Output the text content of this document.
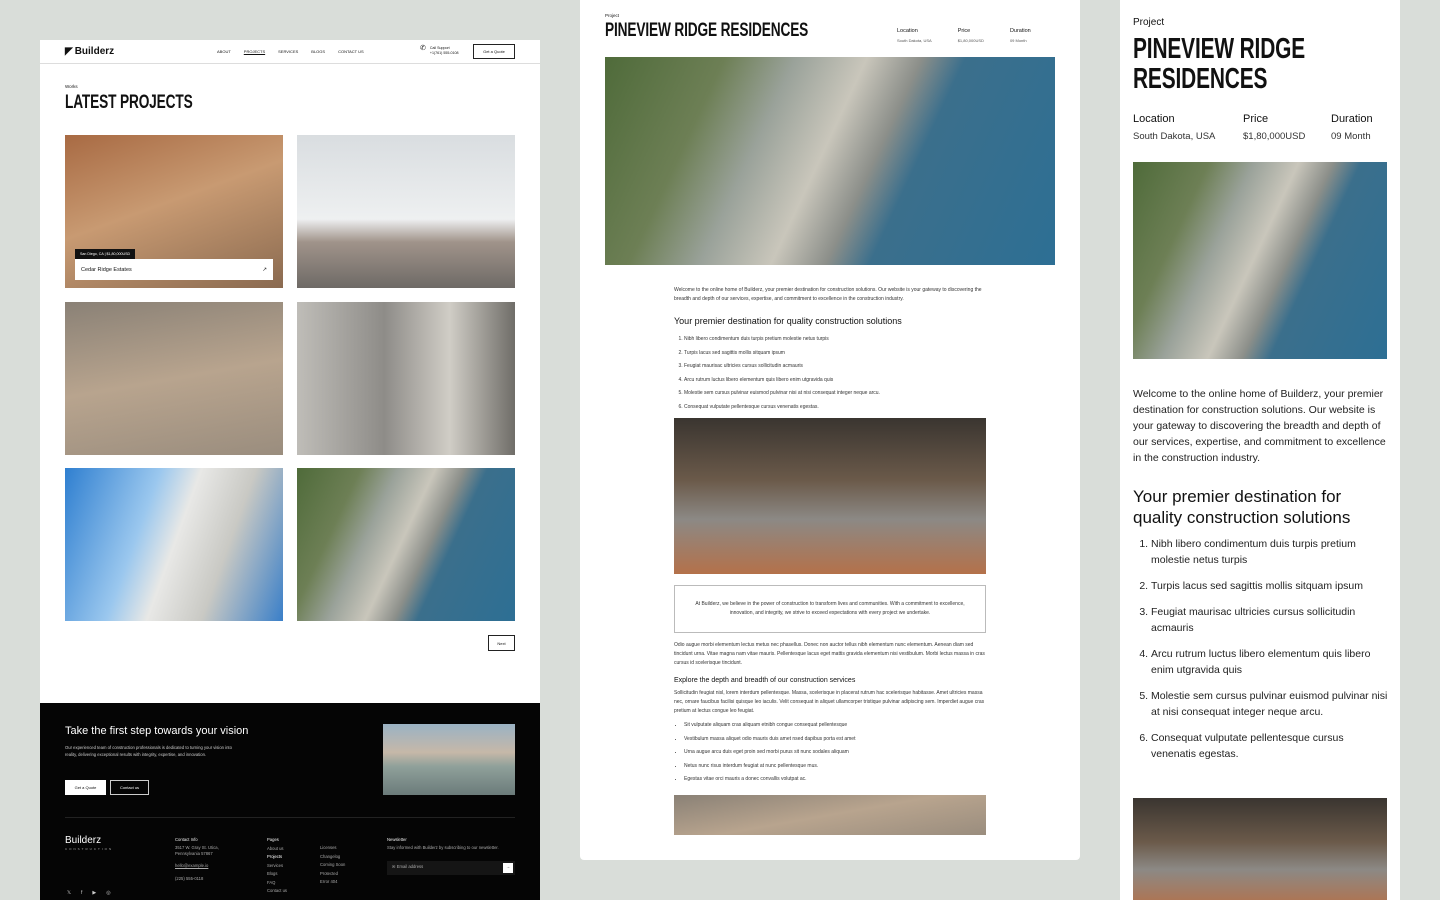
◤ Builderz	ABOUT	PROJECTS	SERVICES	BLOGS	CONTACT US	✆ Call Support
+1(761) 555-0108	Get a Quote
Works
LATEST PROJECTS
San Diego, CA | $1,80,000USD
Cedar Ridge Estates	↗
Next
Take the first step towards your vision
Our experienced team of construction professionals is dedicated to turning your vision into reality, delivering exceptional results with integrity, expertise, and innovation.
Get a Quote	Contact us
Builderz
CONSTRUCTION
𝕏 f ▶ ◎
Contact Info
3517 W. Gray St. Utica, Pennsylvania 57867
hello@example.io
(225) 555-0118
Pages
About us
Projects
Services
Blogs
FAQ
Contact us
Licenses
Changelog
Coming Soon
Protected
Error 404
Newsletter
Stay informed with Builderz by subscribing to our newsletter.
✉ Email address	→
Project
PINEVIEW RIDGE RESIDENCES	Location
South Dakota, USA
Price
$1,80,000USD
Duration
09 Month

Welcome to the online home of Builderz, your premier destination for construction solutions. Our website is your gateway to discovering the breadth and depth of our services, expertise, and commitment to excellence in the construction industry.

Your premier destination for quality construction solutions
1. Nibh libero condimentum duis turpis pretium molestie netus turpis
2. Turpis lacus sed sagittis mollis sitquam ipsum
3. Feugiat maurisac ultricies cursus sollicitudin acmauris
4. Arcu rutrum luctus libero elementum quis libero enim utgravida quis
5. Molestie sem cursus pulvinar euismod pulvinar nisi at nisi consequat integer neque arcu.
6. Consequat vulputate pellentesque cursus venenatis egestas.
At Builderz, we believe in the power of construction to transform lives and communities. With a commitment to excellence, innovation, and integrity, we strive to exceed expectations with every project we undertake.

Odio augue morbi elementum lectus metus nec phasellus. Donec non auctor tellus nibh elementum nunc elementum. Aenean diam sed tincidunt urna. Vitae magna nam vitae mauris. Pellentesque lacus eget mattis gravida elementum nisi vestibulum. Morbi lectus massa in cras cursus id scelerisque tincidunt.

Explore the depth and breadth of our construction services

Sollicitudin feugiat nisl, lorem interdum pellentesque. Massa, scelerisque in placerat rutrum hac scelerisque habitasse. Amet ultricies massa nec, ornare faucibus facilisi quisque leo iaculis. Velit consequat in aliquet ullamcorper tristique pulvinar adipiscing sem. Imperdiet augue cras pretium at lectus congue leo feugiat.

• Sit vulputate aliquam cras aliquam etnibh congue consequat pellentesque
• Vestibulum massa aliquet odio mauris duis amet nsed dapibus porta est amet
• Urna augue arcu duis eget proin sed morbi purus sit nunc sodales aliquam
• Netus nunc risus interdum feugiat at nunc pellentesque mus.
• Egestas vitae orci mauris a donec convallis volutpat ac.
Project
PINEVIEW RIDGE
RESIDENCES
Location
South Dakota, USA
Price
$1,80,000USD
Duration
09 Month

Welcome to the online home of Builderz, your premier destination for construction solutions. Our website is your gateway to discovering the breadth and depth of our services, expertise, and commitment to excellence in the construction industry.

Your premier destination for quality construction solutions
1. Nibh libero condimentum duis turpis pretium molestie netus turpis
2. Turpis lacus sed sagittis mollis sitquam ipsum
3. Feugiat maurisac ultricies cursus sollicitudin acmauris
4. Arcu rutrum luctus libero elementum quis libero enim utgravida quis
5. Molestie sem cursus pulvinar euismod pulvinar nisi at nisi consequat integer neque arcu.
6. Consequat vulputate pellentesque cursus venenatis egestas.
